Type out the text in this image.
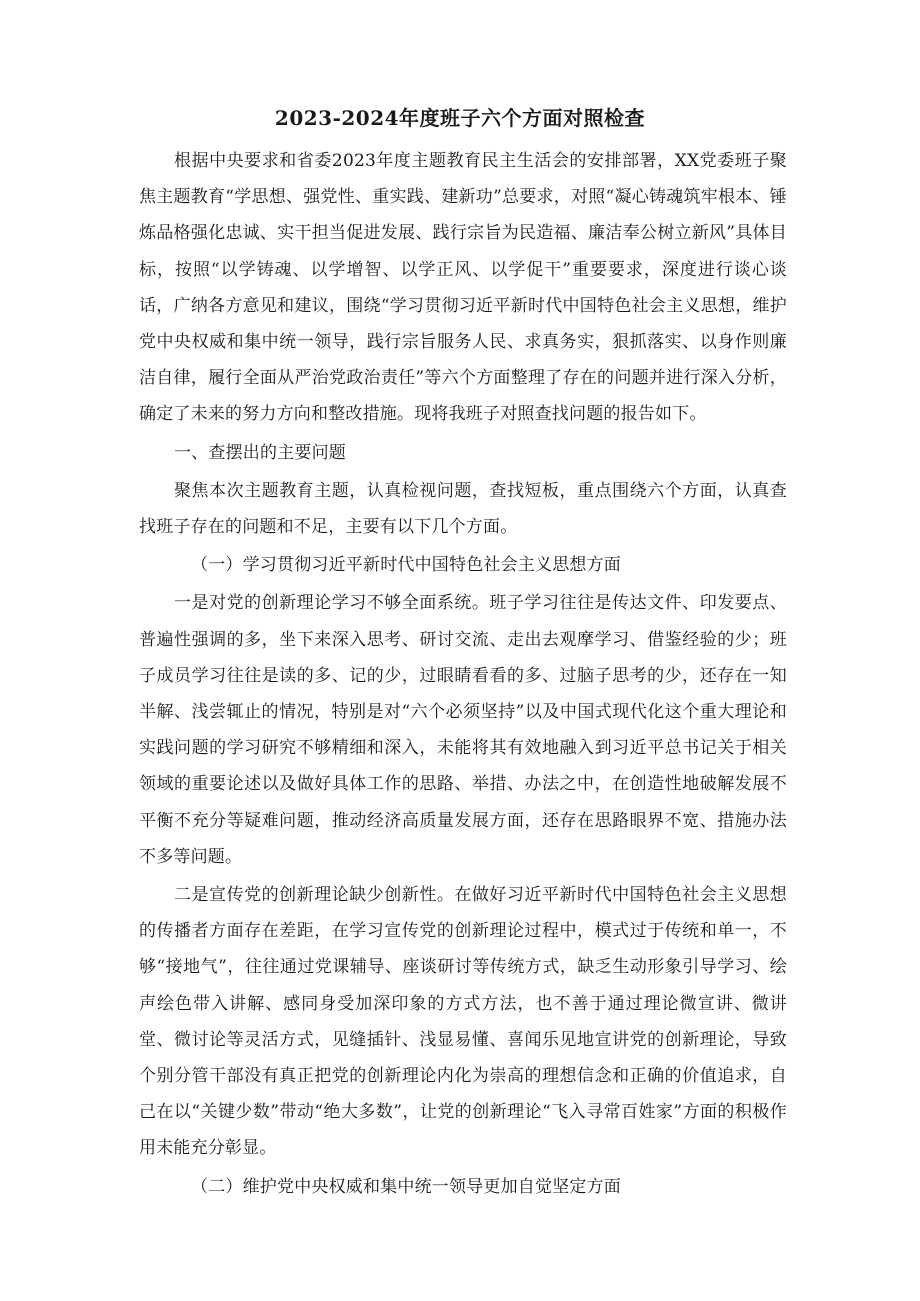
2023-2024年度班子六个方面对照检查

根据中央要求和省委2023年度主题教育民主生活会的安排部署，XX党委班子聚焦主题教育“学思想、强党性、重实践、建新功”总要求，对照“凝心铸魂筑牢根本、锤炼品格强化忠诚、实干担当促进发展、践行宗旨为民造福、廉洁奉公树立新风”具体目标，按照“以学铸魂、以学增智、以学正风、以学促干”重要要求，深度进行谈心谈话，广纳各方意见和建议，围绕“学习贯彻习近平新时代中国特色社会主义思想，维护党中央权威和集中统一领导，践行宗旨服务人民、求真务实，狠抓落实、以身作则廉洁自律，履行全面从严治党政治责任”等六个方面整理了存在的问题并进行深入分析，确定了未来的努力方向和整改措施。现将我班子对照查找问题的报告如下。

一、查摆出的主要问题

聚焦本次主题教育主题，认真检视问题，查找短板，重点围绕六个方面，认真查找班子存在的问题和不足，主要有以下几个方面。

（一）学习贯彻习近平新时代中国特色社会主义思想方面

一是对党的创新理论学习不够全面系统。班子学习往往是传达文件、印发要点、普遍性强调的多，坐下来深入思考、研讨交流、走出去观摩学习、借鉴经验的少；班子成员学习往往是读的多、记的少，过眼睛看看的多、过脑子思考的少，还存在一知半解、浅尝辄止的情况，特别是对“六个必须坚持”以及中国式现代化这个重大理论和实践问题的学习研究不够精细和深入，未能将其有效地融入到习近平总书记关于相关领域的重要论述以及做好具体工作的思路、举措、办法之中，在创造性地破解发展不平衡不充分等疑难问题，推动经济高质量发展方面，还存在思路眼界不宽、措施办法不多等问题。

二是宣传党的创新理论缺少创新性。在做好习近平新时代中国特色社会主义思想的传播者方面存在差距，在学习宣传党的创新理论过程中，模式过于传统和单一，不够“接地气”，往往通过党课辅导、座谈研讨等传统方式，缺乏生动形象引导学习、绘声绘色带入讲解、感同身受加深印象的方式方法，也不善于通过理论微宣讲、微讲堂、微讨论等灵活方式，见缝插针、浅显易懂、喜闻乐见地宣讲党的创新理论，导致个别分管干部没有真正把党的创新理论内化为崇高的理想信念和正确的价值追求，自己在以“关键少数”带动“绝大多数”，让党的创新理论“飞入寻常百姓家”方面的积极作用未能充分彰显。

（二）维护党中央权威和集中统一领导更加自觉坚定方面
